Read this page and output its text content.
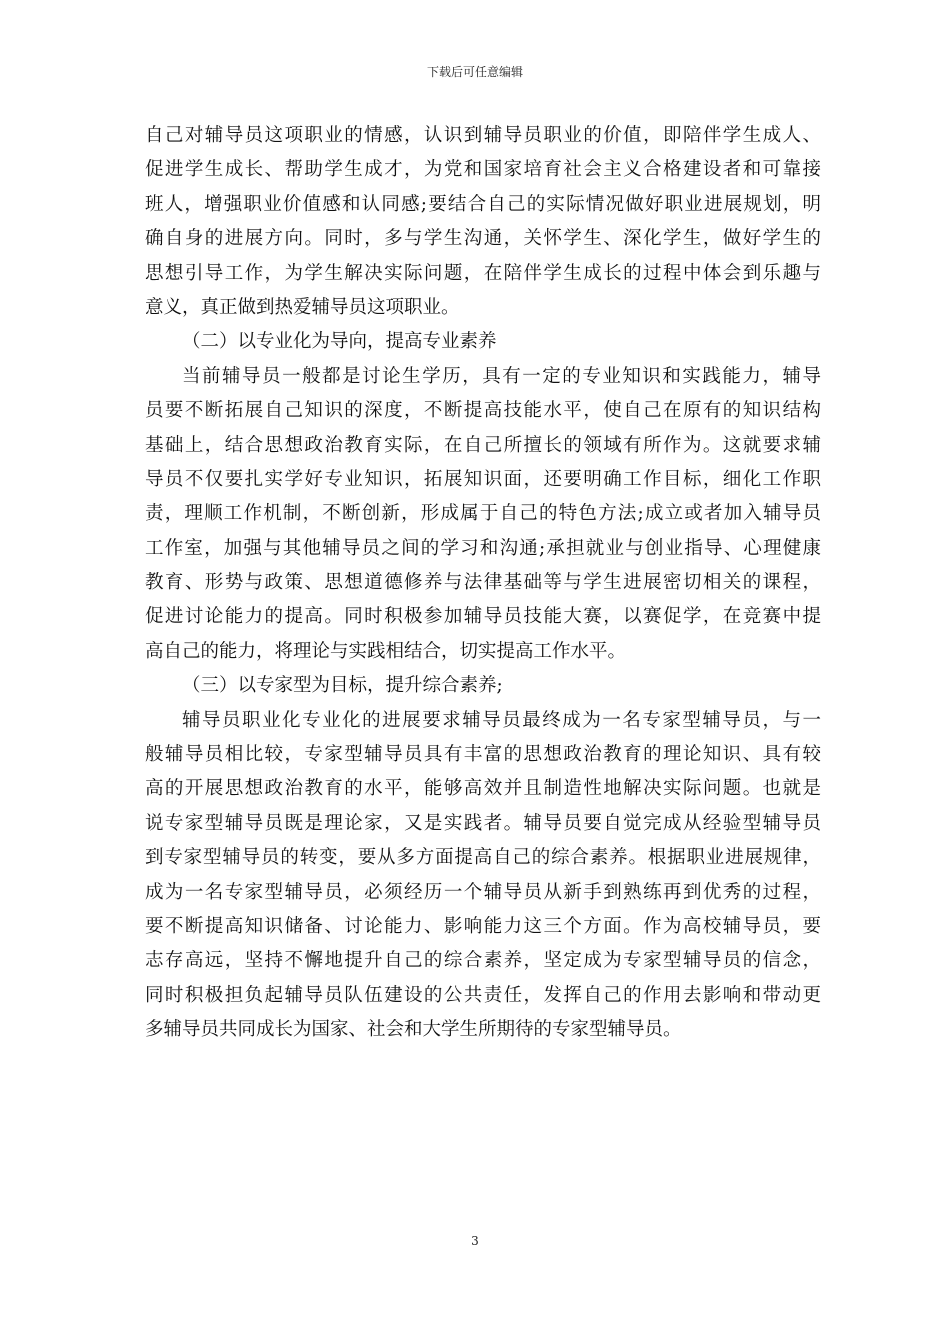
下载后可任意编辑
自己对辅导员这项职业的情感，认识到辅导员职业的价值，即陪伴学生成人、
促进学生成长、帮助学生成才，为党和国家培育社会主义合格建设者和可靠接
班人，增强职业价值感和认同感;要结合自己的实际情况做好职业进展规划，明
确自身的进展方向。同时，多与学生沟通，关怀学生、深化学生，做好学生的
思想引导工作，为学生解决实际问题，在陪伴学生成长的过程中体会到乐趣与
意义，真正做到热爱辅导员这项职业。
（二）以专业化为导向，提高专业素养
当前辅导员一般都是讨论生学历，具有一定的专业知识和实践能力，辅导
员要不断拓展自己知识的深度，不断提高技能水平，使自己在原有的知识结构
基础上，结合思想政治教育实际，在自己所擅长的领域有所作为。这就要求辅
导员不仅要扎实学好专业知识，拓展知识面，还要明确工作目标，细化工作职
责，理顺工作机制，不断创新，形成属于自己的特色方法;成立或者加入辅导员
工作室，加强与其他辅导员之间的学习和沟通;承担就业与创业指导、心理健康
教育、形势与政策、思想道德修养与法律基础等与学生进展密切相关的课程，
促进讨论能力的提高。同时积极参加辅导员技能大赛，以赛促学，在竞赛中提
高自己的能力，将理论与实践相结合，切实提高工作水平。
（三）以专家型为目标，提升综合素养;
辅导员职业化专业化的进展要求辅导员最终成为一名专家型辅导员，与一
般辅导员相比较，专家型辅导员具有丰富的思想政治教育的理论知识、具有较
高的开展思想政治教育的水平，能够高效并且制造性地解决实际问题。也就是
说专家型辅导员既是理论家，又是实践者。辅导员要自觉完成从经验型辅导员
到专家型辅导员的转变，要从多方面提高自己的综合素养。根据职业进展规律，
成为一名专家型辅导员，必须经历一个辅导员从新手到熟练再到优秀的过程，
要不断提高知识储备、讨论能力、影响能力这三个方面。作为高校辅导员，要
志存高远，坚持不懈地提升自己的综合素养，坚定成为专家型辅导员的信念，
同时积极担负起辅导员队伍建设的公共责任，发挥自己的作用去影响和带动更
多辅导员共同成长为国家、社会和大学生所期待的专家型辅导员。
3
